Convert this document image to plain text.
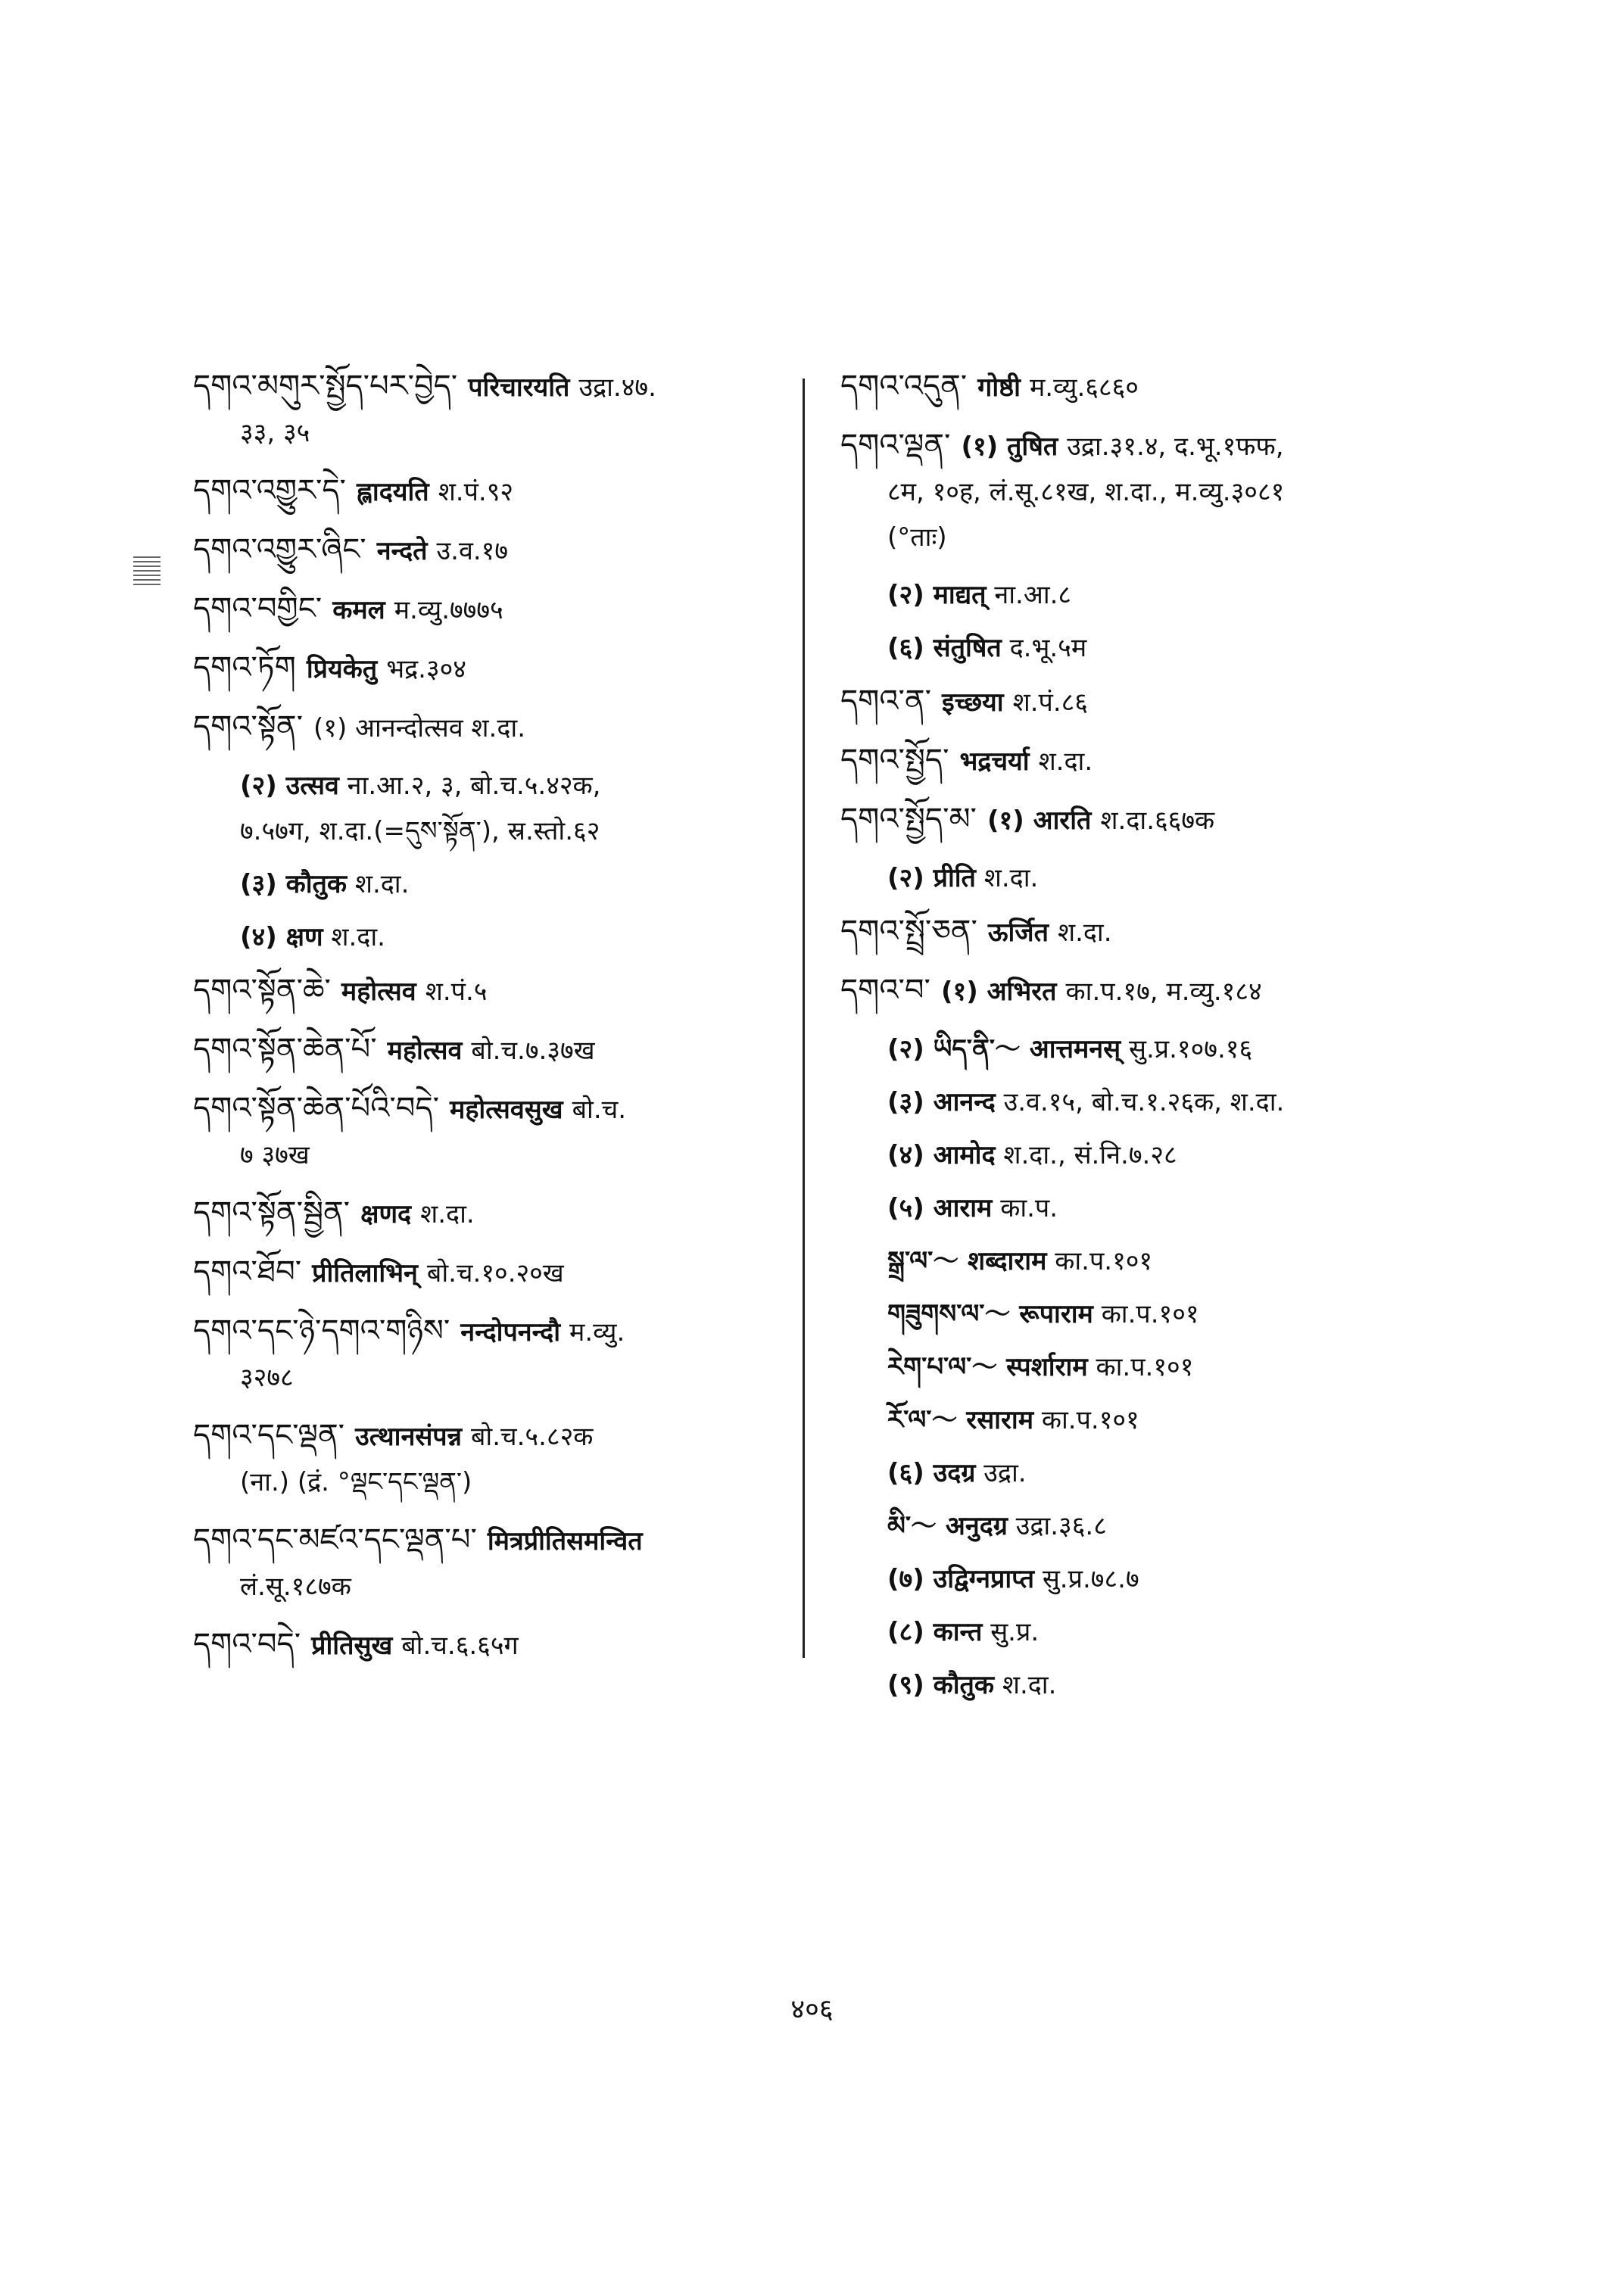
དགའ་མགུར་སྤྱོད་པར་བྱེད་ परिचारयति उद्रा.४७.
३३, ३५
དགའ་འགྱུར་དེ་ ह्लादयति श.पं.९२
དགའ་འགྱུར་ཞིང་ नन्दते उ.व.१७
དགའ་བགྱིང་ कमल म.व्यु.७७७५
དགའ་ཏོག प्रियकेतु भद्र.३०४
དགའ་སྟོན་ (१) आनन्दोत्सव श.दा.
(२) उत्सव ना.आ.२, ३, बो.च.५.४२क,
७.५७ग, श.दा.(=དུས་སྟོན་), स्र.स्तो.६२
(३) कौतुक श.दा.
(४) क्षण श.दा.
དགའ་སྟོན་ཆེ་ महोत्सव श.पं.५
དགའ་སྟོན་ཆེན་པོ་ महोत्सव बो.च.७.३७ख
དགའ་སྟོན་ཆེན་པོའི་བདེ་ महोत्सवसुख बो.च.
७ ३७ख
དགའ་སྟོན་སྦྱིན་ क्षणद श.दा.
དགའ་ཐོབ་ प्रीतिलाभिन् बो.च.१०.२०ख
དགའ་དང་ཉེ་དགའ་གཉིས་ नन्दोपनन्दौ म.व्यु.
३२७८
དགའ་དང་ལྡན་ उत्थानसंपन्न बो.च.५.८२क
(ना.) (द्रं. °ལྡང་དང་ལྡན་)
དགའ་དང་མཛའ་དང་ལྡན་པ་ मित्रप्रीतिसमन्वित
लं.सू.१८७क
དགའ་བདེ་ प्रीतिसुख बो.च.६.६५ग
དགའ་འདུན་ गोष्ठी म.व्यु.६८६०
དགའ་ལྡན་ (१) तुषित उद्रा.३१.४, द.भू.१फफ,
८म, १०ह, लं.सू.८१ख, श.दा., म.व्यु.३०८१
(°ताः)
(२) माद्यत् ना.आ.८
(६) संतुषित द.भू.५म
དགའ་ན་ इच्छया श.पं.८६
དགའ་སྤྱོད་ भद्रचर्या श.दा.
དགའ་སྤྱོད་མ་ (१) आरति श.दा.६६७क
(२) प्रीति श.दा.
དགའ་སྤྲོ་ཅན་ ऊर्जित श.दा.
དགའ་བ་ (१) अभिरत का.प.१७, म.व्यु.१८४
(२) ཡིད་ནི་～ आत्तमनस् सु.प्र.१०७.१६
(३) आनन्द उ.व.१५, बो.च.१.२६क, श.दा.
(४) आमोद श.दा., सं.नि.७.२८
(५) आराम का.प.
སྒྲ་ལ་～ शब्दाराम का.प.१०१
གཟུགས་ལ་～ रूपाराम का.प.१०१
རེག་པ་ལ་～ स्पर्शाराम का.प.१०१
རོ་ལ་～ रसाराम का.प.१०१
(६) उदग्र उद्रा.
མི་～ अनुदग्र उद्रा.३६.८
(७) उद्विग्नप्राप्त सु.प्र.७८.७
(८) कान्त सु.प्र.
(९) कौतुक श.दा.
४०६
